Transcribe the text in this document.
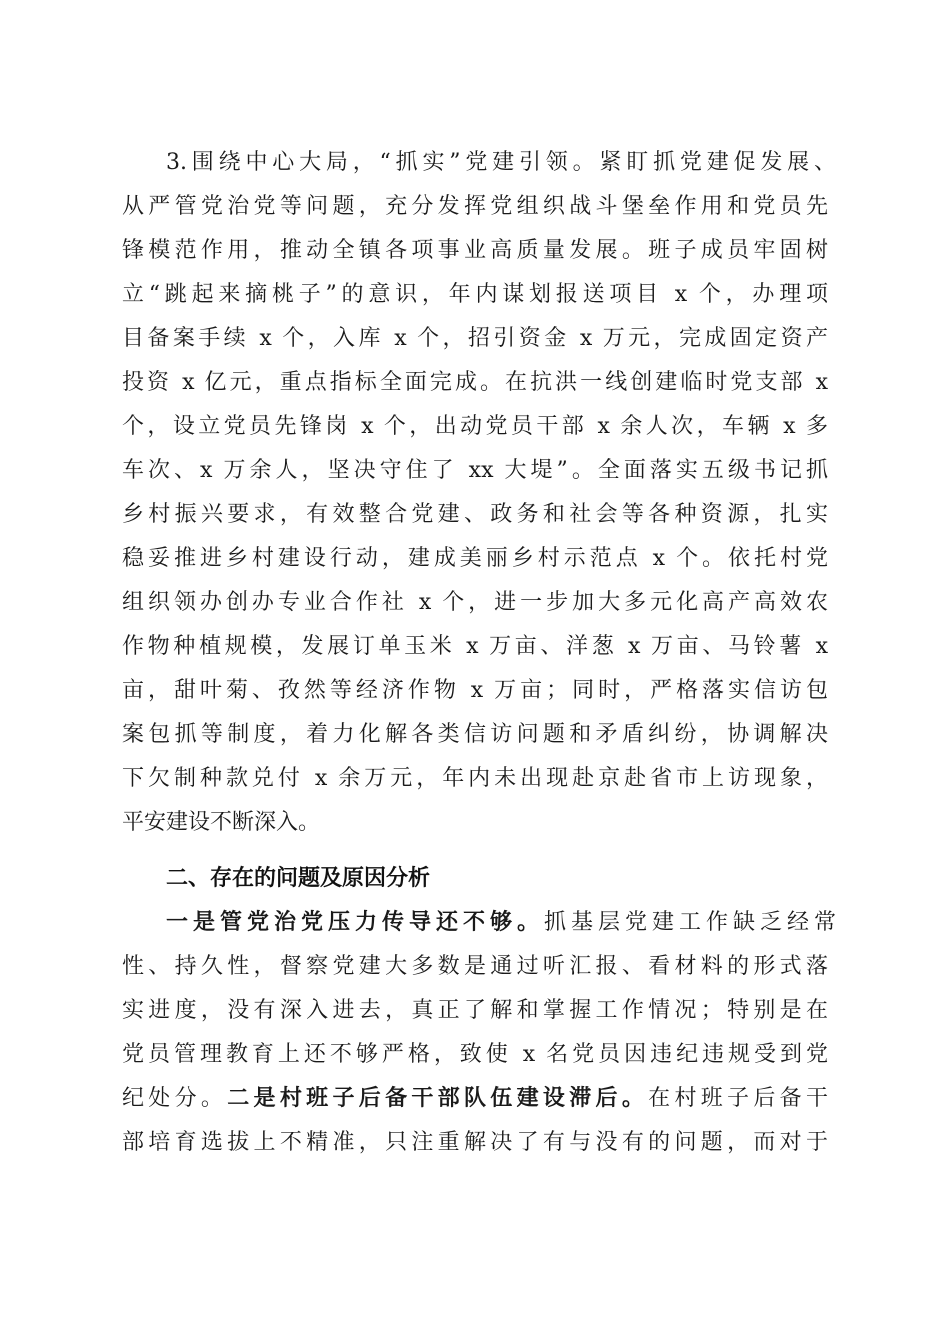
3.围绕中心大局，“抓实”党建引领。紧盯抓党建促发展、
从严管党治党等问题，充分发挥党组织战斗堡垒作用和党员先
锋模范作用，推动全镇各项事业高质量发展。班子成员牢固树
立“跳起来摘桃子”的意识，年内谋划报送项目 x 个，办理项
目备案手续 x 个，入库 x 个，招引资金 x 万元，完成固定资产
投资 x 亿元，重点指标全面完成。在抗洪一线创建临时党支部 x
个，设立党员先锋岗 x 个，出动党员干部 x 余人次，车辆 x 多
车次、x 万余人，坚决守住了 xx 大堤”。全面落实五级书记抓
乡村振兴要求，有效整合党建、政务和社会等各种资源，扎实
稳妥推进乡村建设行动，建成美丽乡村示范点 x 个。依托村党
组织领办创办专业合作社 x 个，进一步加大多元化高产高效农
作物种植规模，发展订单玉米 x 万亩、洋葱 x 万亩、马铃薯 x
亩，甜叶菊、孜然等经济作物 x 万亩；同时，严格落实信访包
案包抓等制度，着力化解各类信访问题和矛盾纠纷，协调解决
下欠制种款兑付 x 余万元，年内未出现赴京赴省市上访现象，
平安建设不断深入。
二、存在的问题及原因分析
一是管党治党压力传导还不够。抓基层党建工作缺乏经常
性、持久性，督察党建大多数是通过听汇报、看材料的形式落
实进度，没有深入进去，真正了解和掌握工作情况；特别是在
党员管理教育上还不够严格，致使 x 名党员因违纪违规受到党
纪处分。二是村班子后备干部队伍建设滞后。在村班子后备干
部培育选拔上不精准，只注重解决了有与没有的问题，而对于
